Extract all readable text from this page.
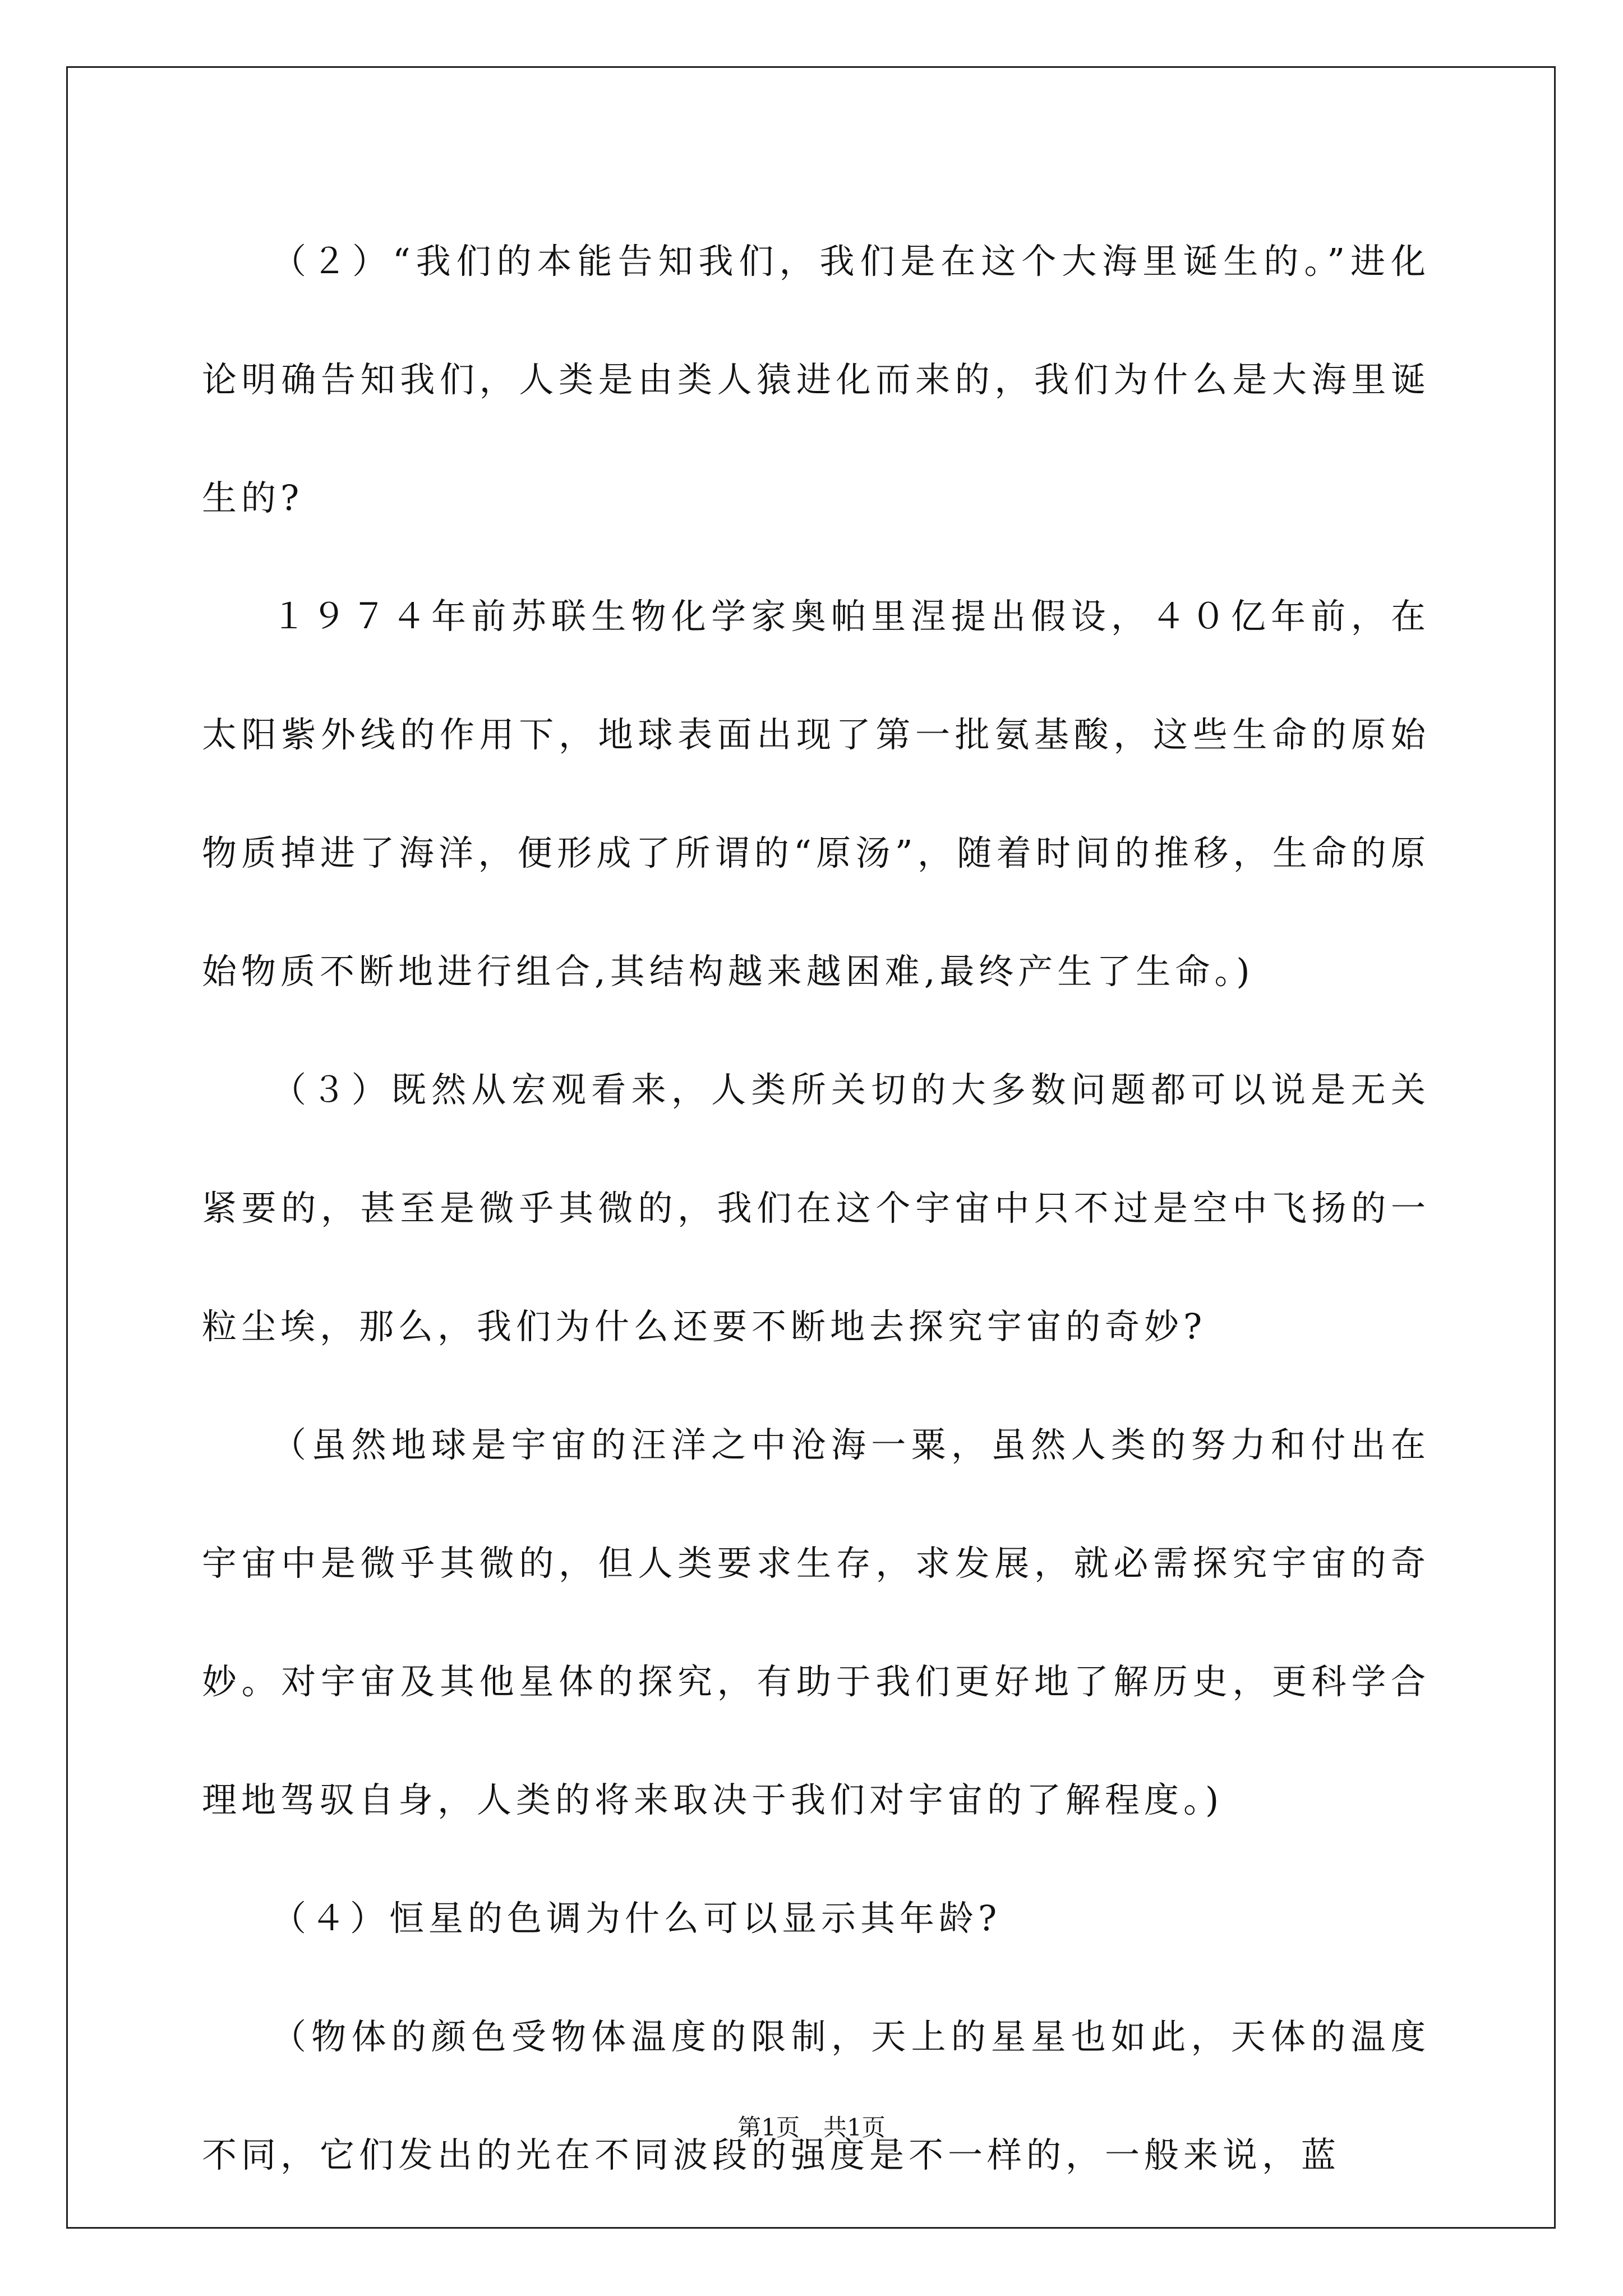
（２）“我们的本能告知我们，我们是在这个大海里诞生的。”进化论明确告知我们，人类是由类人猿进化而来的，我们为什么是大海里诞生的?

１９７４年前苏联生物化学家奥帕里涅提出假设，４０亿年前，在太阳紫外线的作用下，地球表面出现了第一批氨基酸，这些生命的原始物质掉进了海洋，便形成了所谓的“原汤”，随着时间的推移，生命的原始物质不断地进行组合,其结构越来越困难,最终产生了生命。)

（３）既然从宏观看来，人类所关切的大多数问题都可以说是无关紧要的，甚至是微乎其微的，我们在这个宇宙中只不过是空中飞扬的一粒尘埃，那么，我们为什么还要不断地去探究宇宙的奇妙?

（虽然地球是宇宙的汪洋之中沧海一粟，虽然人类的努力和付出在宇宙中是微乎其微的，但人类要求生存，求发展，就必需探究宇宙的奇妙。对宇宙及其他星体的探究，有助于我们更好地了解历史，更科学合理地驾驭自身，人类的将来取决于我们对宇宙的了解程度。)

（４）恒星的色调为什么可以显示其年龄?

（物体的颜色受物体温度的限制，天上的星星也如此，天体的温度不同，它们发出的光在不同波段的强度是不一样的，一般来说，蓝

第1页　共1页
